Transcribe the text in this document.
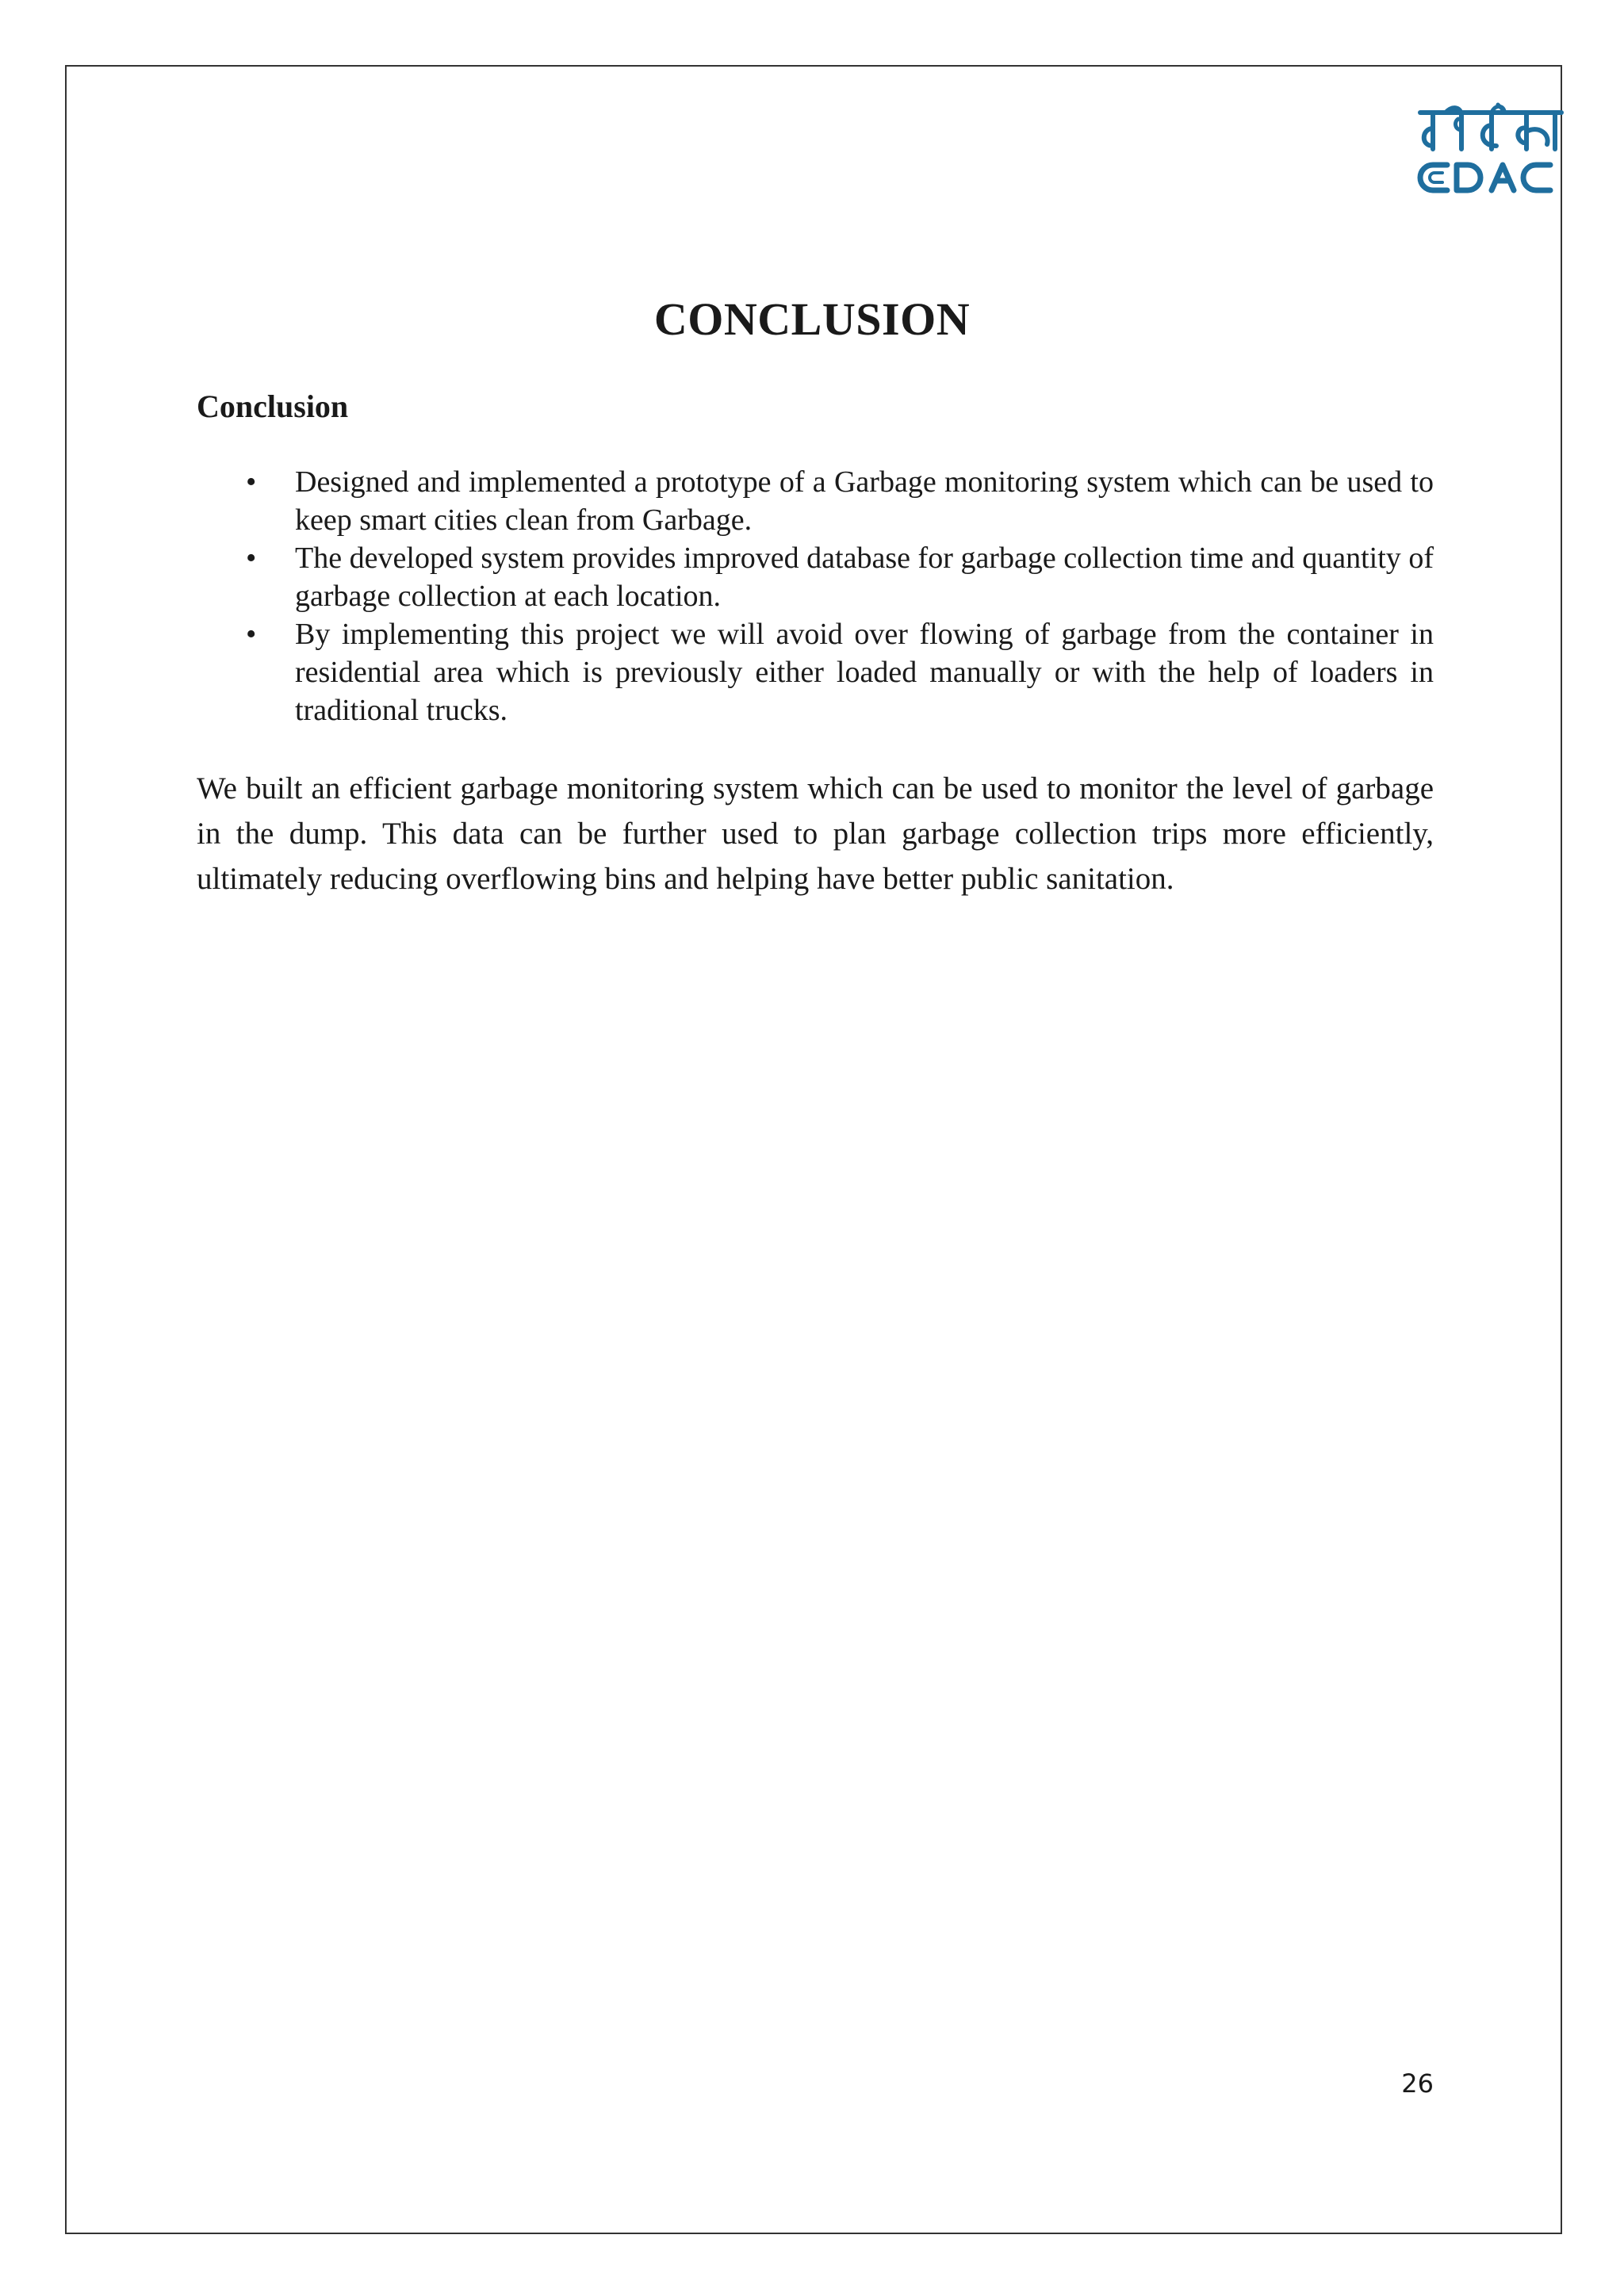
CONCLUSION
Conclusion
• Designed and implemented a prototype of a Garbage monitoring system which can be used to keep smart cities clean from Garbage.
• The developed system provides improved database for garbage collection time and quantity of garbage collection at each location.
• By implementing this project we will avoid over flowing of garbage from the container in residential area which is previously either loaded manually or with the help of loaders in traditional trucks.

We built an efficient garbage monitoring system which can be used to monitor the level of garbage in the dump. This data can be further used to plan garbage collection trips more efficiently, ultimately reducing overflowing bins and helping have better public sanitation.

26
